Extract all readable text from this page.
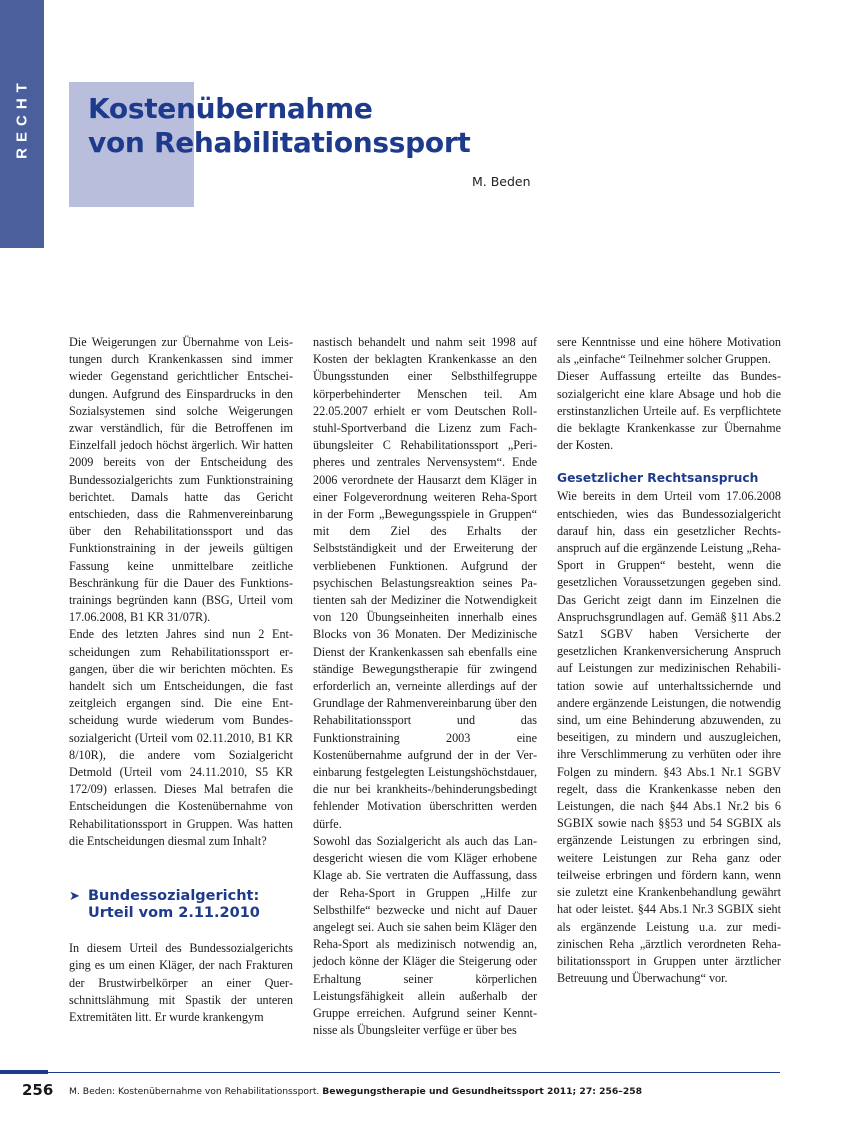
RECHT Kostenübernahme
von Rehabilitationssport
M. Beden

Die Weigerungen zur Übernahme von Leistungen durch Krankenkassen sind immer wieder Gegenstand gerichtlicher Entscheidungen. Aufgrund des Einspardrucks in den Sozialsystemen sind solche Weigerungen zwar verständlich, für die Betroffenen im Einzelfall jedoch höchst ärgerlich. Wir hatten 2009 bereits von der Entscheidung des Bundessozialgerichts zum Funktionstraining berichtet. Damals hatte das Gericht entschieden, dass die Rahmenvereinbarung über den Rehabilitationssport und das Funktionstraining in der jeweils gültigen Fassung keine unmittelbare zeitliche Beschränkung für die Dauer des Funktionstrainings begründen kann (BSG, Urteil vom 17.06.2008, B1 KR 31/07R).

Ende des letzten Jahres sind nun 2 Entscheidungen zum Rehabilitationssport ergangen, über die wir berichten möchten. Es handelt sich um Entscheidungen, die fast zeitgleich ergangen sind. Die eine Entscheidung wurde wiederum vom Bundessozialgericht (Urteil vom 02.11.2010, B1 KR 8/10R), die andere vom Sozialgericht Detmold (Urteil vom 24.11.2010, S5 KR 172/09) erlassen. Dieses Mal betrafen die Entscheidungen die Kostenübernahme von Rehabilitationssport in Gruppen. Was hatten die Entscheidungen diesmal zum Inhalt?

➤ Bundessozialgericht:
Urteil vom 2.11.2010

In diesem Urteil des Bundessozialgerichts ging es um einen Kläger, der nach Frakturen der Brustwirbelkörper an einer Querschnittslähmung mit Spastik der unteren Extremitäten litt. Er wurde krankengym

nastisch behandelt und nahm seit 1998 auf Kosten der beklagten Krankenkasse an den Übungsstunden einer Selbsthilfegruppe körperbehinderter Menschen teil. Am 22.05.2007 erhielt er vom Deutschen Rollstuhl-Sportverband die Lizenz zum Fachübungsleiter C Rehabilitationssport „Peripheres und zentrales Nervensystem“. Ende 2006 verordnete der Hausarzt dem Kläger in einer Folgeverordnung weiteren Reha-Sport in der Form „Bewegungsspiele in Gruppen“ mit dem Ziel des Erhalts der Selbstständigkeit und der Erweiterung der verbliebenen Funktionen. Aufgrund der psychischen Belastungsreaktion seines Patienten sah der Mediziner die Notwendigkeit von 120 Übungseinheiten innerhalb eines Blocks von 36 Monaten. Der Medizinische Dienst der Krankenkassen sah ebenfalls eine ständige Bewegungstherapie für zwingend erforderlich an, verneinte allerdings auf der Grundlage der Rahmenvereinbarung über den Rehabilitationssport und das Funktionstraining 2003 eine Kostenübernahme aufgrund der in der Vereinbarung festgelegten Leistungshöchstdauer, die nur bei krankheits-/behinderungsbedingt fehlender Motivation überschritten werden dürfe.

Sowohl das Sozialgericht als auch das Landesgericht wiesen die vom Kläger erhobene Klage ab. Sie vertraten die Auffassung, dass der Reha-Sport in Gruppen „Hilfe zur Selbsthilfe“ bezwecke und nicht auf Dauer angelegt sei. Auch sie sahen beim Kläger den Reha-Sport als medizinisch notwendig an, jedoch könne der Kläger die Steigerung oder Erhaltung seiner körperlichen Leistungsfähigkeit allein außerhalb der Gruppe erreichen. Aufgrund seiner Kenntnisse als Übungsleiter verfüge er über bes

sere Kenntnisse und eine höhere Motivation als „einfache“ Teilnehmer solcher Gruppen.

Dieser Auffassung erteilte das Bundessozialgericht eine klare Absage und hob die erstinstanzlichen Urteile auf. Es verpflichtete die beklagte Krankenkasse zur Übernahme der Kosten.

Gesetzlicher Rechtsanspruch

Wie bereits in dem Urteil vom 17.06.2008 entschieden, wies das Bundessozialgericht darauf hin, dass ein gesetzlicher Rechtsanspruch auf die ergänzende Leistung „Reha-Sport in Gruppen“ besteht, wenn die gesetzlichen Voraussetzungen gegeben sind. Das Gericht zeigt dann im Einzelnen die Anspruchsgrundlagen auf. Gemäß §11 Abs.2 Satz1 SGBV haben Versicherte der gesetzlichen Krankenversicherung Anspruch auf Leistungen zur medizinischen Rehabilitation sowie auf unterhaltssichernde und andere ergänzende Leistungen, die notwendig sind, um eine Behinderung abzuwenden, zu beseitigen, zu mindern und auszugleichen, ihre Verschlimmerung zu verhüten oder ihre Folgen zu mindern. §43 Abs.1 Nr.1 SGBV regelt, dass die Krankenkasse neben den Leistungen, die nach §44 Abs.1 Nr.2 bis 6 SGBIX sowie nach §§53 und 54 SGBIX als ergänzende Leistungen zu erbringen sind, weitere Leistungen zur Reha ganz oder teilweise erbringen und fördern kann, wenn sie zuletzt eine Krankenbehandlung gewährt hat oder leistet. §44 Abs.1 Nr.3 SGBIX sieht als ergänzende Leistung u.a. zur medizinischen Reha „ärztlich verordneten Rehabilitationssport in Gruppen unter ärztlicher Betreuung und Überwachung“ vor.

256 M. Beden: Kostenübernahme von Rehabilitationssport. Bewegungstherapie und Gesundheitssport 2011; 27: 256–258
